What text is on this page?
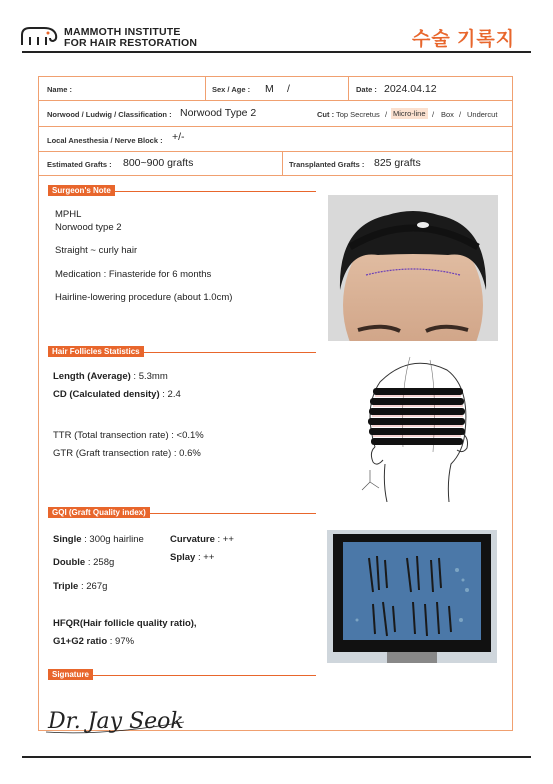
MAMMOTH INSTITUTE
FOR HAIR RESTORATION	수술 기록지
Name :	Sex / Age : M /	Date : 2024.04.12
Norwood / Ludwig / Classification : Norwood Type 2	Cut : Top Secretus / Micro-line / Box / Undercut
Local Anesthesia / Nerve Block : +/-
Estimated Grafts : 800~900 grafts	Transplanted Grafts : 825 grafts
Surgeon's Note
MPHL
Norwood type 2
Straight ~ curly hair
Medication : Finasteride for 6 months
Hairline-lowering procedure (about 1.0cm)
Hair Follicles Statistics
Length (Average) : 5.3mm
CD (Calculated density) : 2.4
TTR (Total transection rate) : <0.1%
GTR (Graft transection rate) : 0.6%
GQI (Graft Quality index)
Single : 300g hairline
Double : 258g
Triple : 267g
Curvature : ++
Splay : ++
HFQR(Hair follicle quality ratio),
G1+G2 ratio : 97%
Signature
Dr. Jay Seok
